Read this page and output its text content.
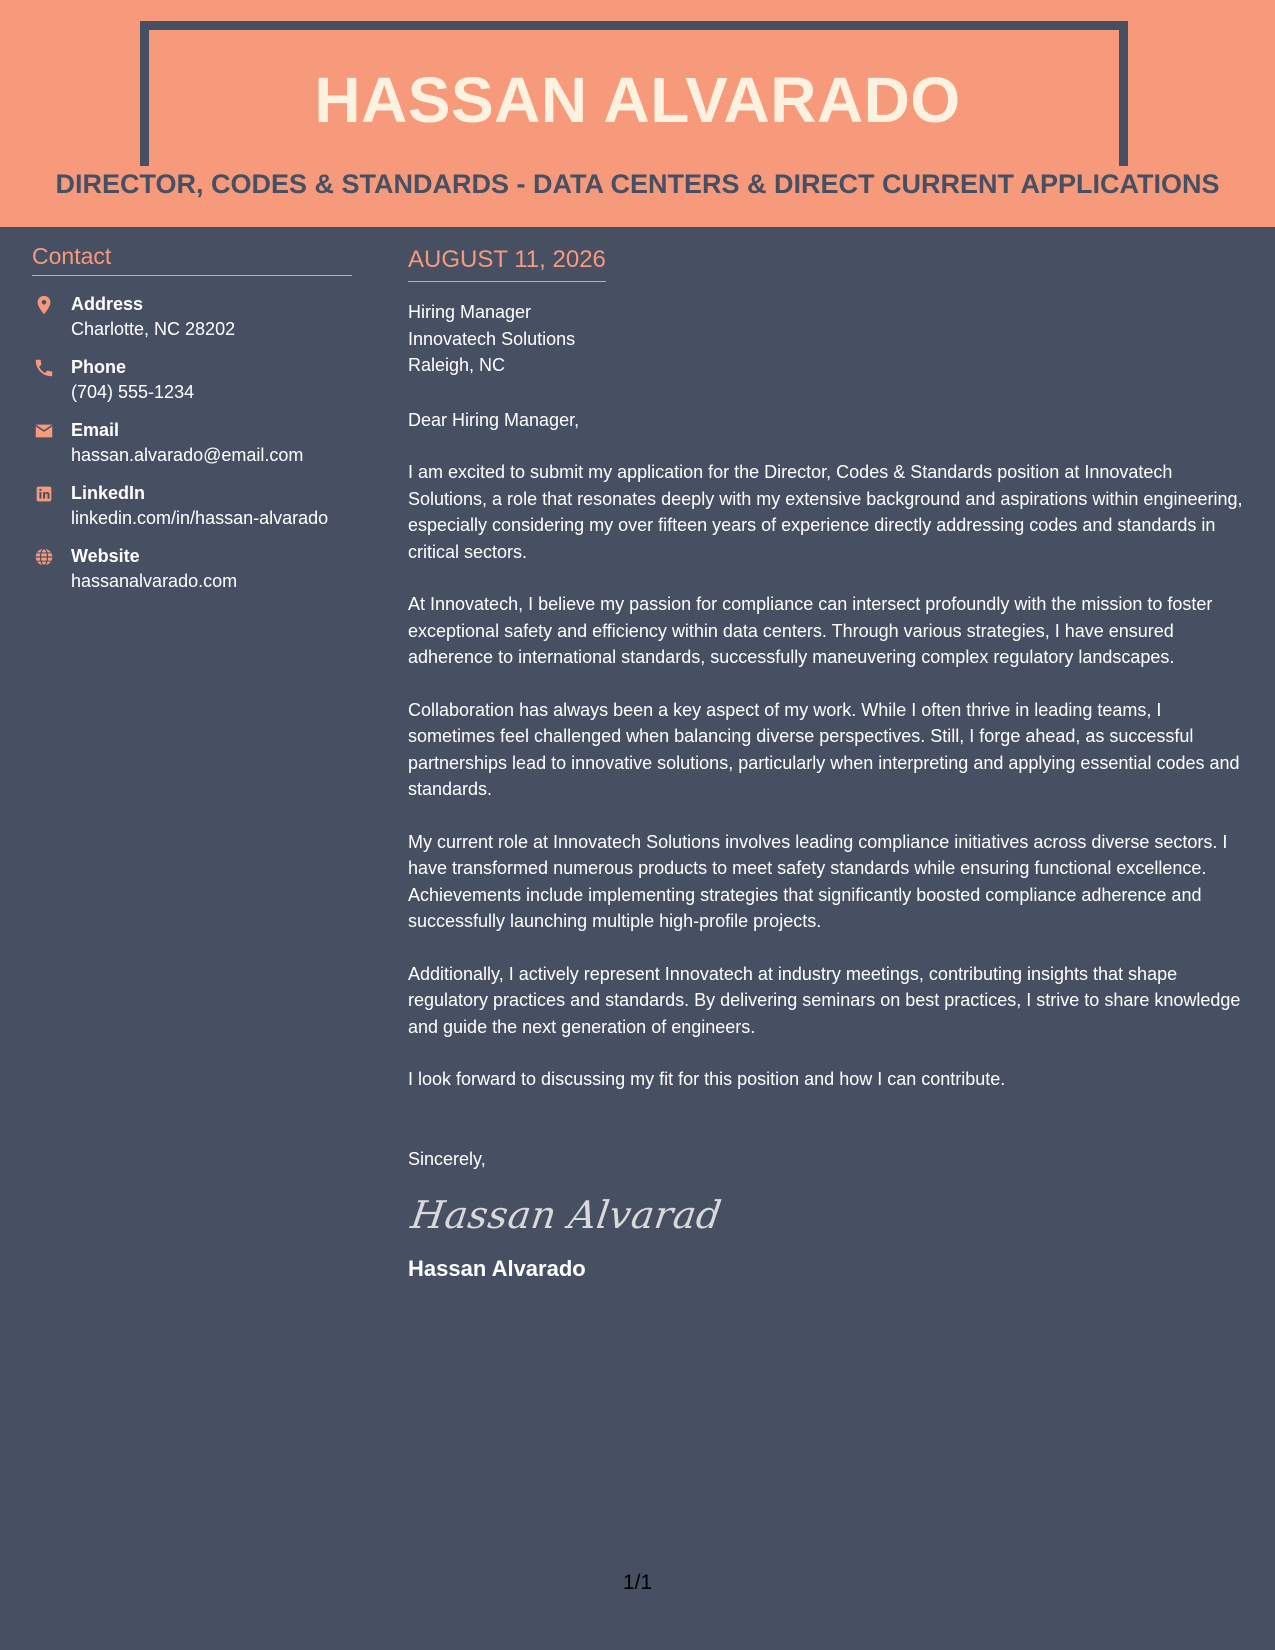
HASSAN ALVARADO
DIRECTOR, CODES & STANDARDS - DATA CENTERS & DIRECT CURRENT APPLICATIONS
Contact
Address
Charlotte, NC 28202
Phone
(704) 555-1234
Email
hassan.alvarado@email.com
LinkedIn
linkedin.com/in/hassan-alvarado
Website
hassanalvarado.com
AUGUST 11, 2026
Hiring Manager
Innovatech Solutions
Raleigh, NC
Dear Hiring Manager,
I am excited to submit my application for the Director, Codes & Standards position at Innovatech Solutions, a role that resonates deeply with my extensive background and aspirations within engineering, especially considering my over fifteen years of experience directly addressing codes and standards in critical sectors.
At Innovatech, I believe my passion for compliance can intersect profoundly with the mission to foster exceptional safety and efficiency within data centers. Through various strategies, I have ensured adherence to international standards, successfully maneuvering complex regulatory landscapes.
Collaboration has always been a key aspect of my work. While I often thrive in leading teams, I sometimes feel challenged when balancing diverse perspectives. Still, I forge ahead, as successful partnerships lead to innovative solutions, particularly when interpreting and applying essential codes and standards.
My current role at Innovatech Solutions involves leading compliance initiatives across diverse sectors. I have transformed numerous products to meet safety standards while ensuring functional excellence. Achievements include implementing strategies that significantly boosted compliance adherence and successfully launching multiple high-profile projects.
Additionally, I actively represent Innovatech at industry meetings, contributing insights that shape regulatory practices and standards. By delivering seminars on best practices, I strive to share knowledge and guide the next generation of engineers.
I look forward to discussing my fit for this position and how I can contribute.
Sincerely,
Hassan Alvarad
Hassan Alvarado
1/1
